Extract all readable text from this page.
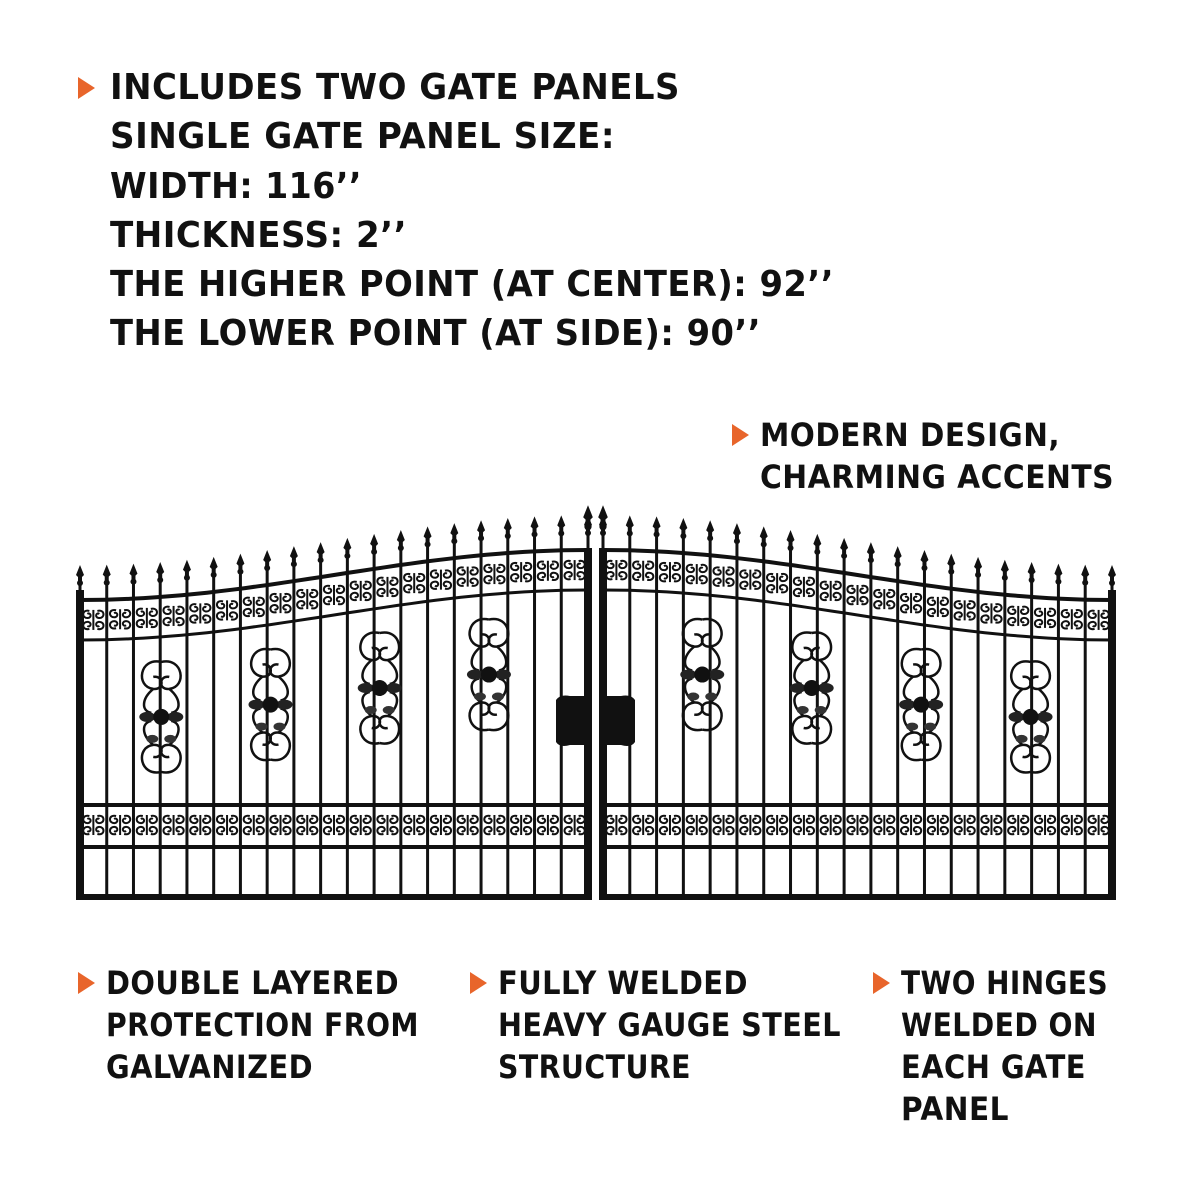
INCLUDES TWO GATE PANELS
SINGLE GATE PANEL SIZE:
WIDTH: 116’’
THICKNESS: 2’’
THE HIGHER POINT (AT CENTER): 92’’
THE LOWER POINT (AT SIDE): 90’’
MODERN DESIGN,
CHARMING ACCENTS
DOUBLE LAYERED
PROTECTION FROM
GALVANIZED
FULLY WELDED
HEAVY GAUGE STEEL
STRUCTURE
TWO HINGES
WELDED ON
EACH GATE
PANEL
